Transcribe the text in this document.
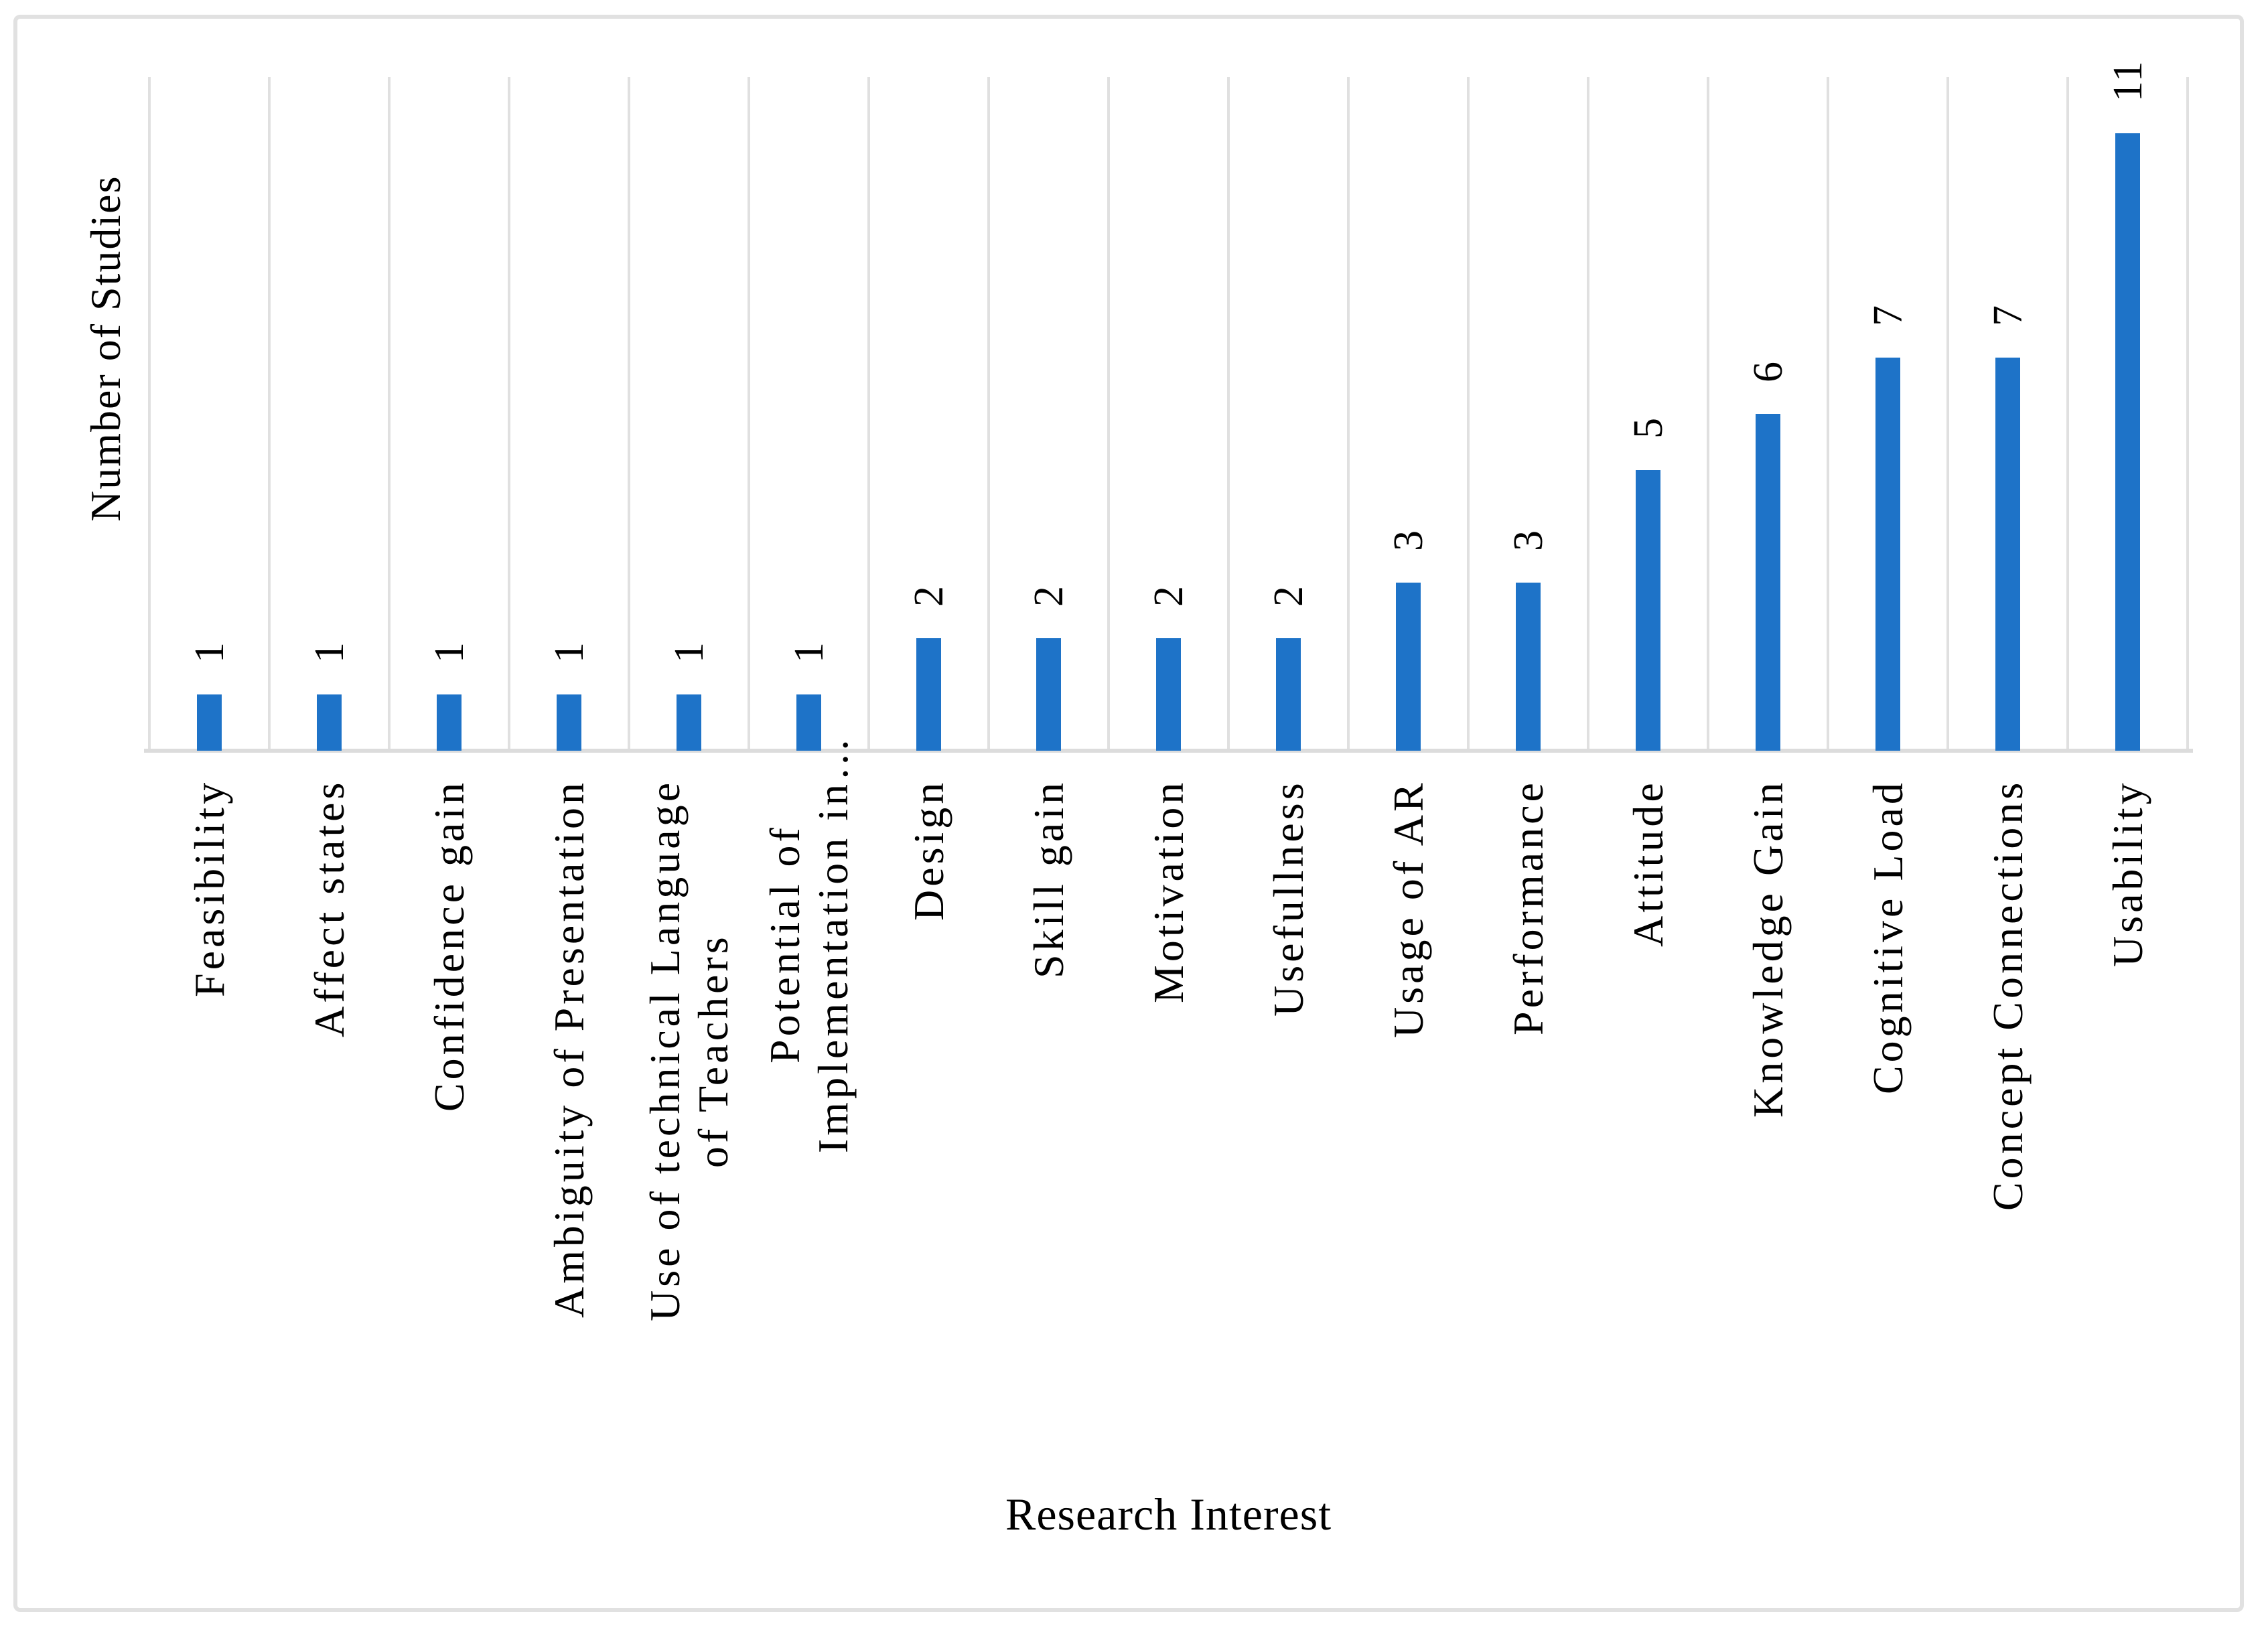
Number of Studies
1
Feasibility
1
Affect states
1
Confidence gain
1
Ambiguity of Presentation
1
Use of technical Language of Teachers
1
Potential of Implementation in…
2
Design
2
Skill gain
2
Motivation
2
Usefullness
3
Usage of AR
3
Performance
5
Attitude
6
Knowledge Gain
7
Cognitive Load
7
Concept Connections
11
Usability
Research Interest
